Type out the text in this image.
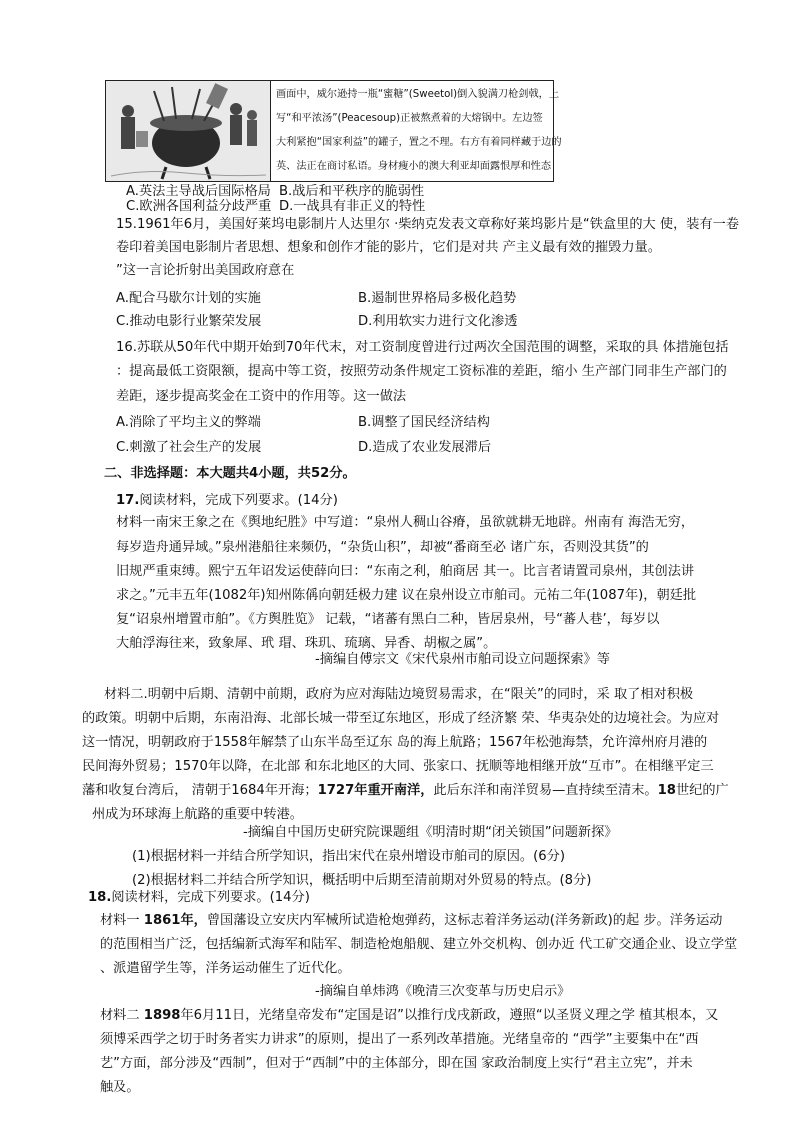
画面中，威尔逊持一瓶“蜜糖”(Sweetol)倒入貌满刀枪剑戟，上
写“和平浓汤”(Peacesoup)正被熬煮着的大熔锅中。左边签
大利紧抱“国家利益”的罐子，置之不理。右方有着同样藏于边的
英、法正在商讨私语。身材瘦小的澳大利亚却面露恨厚和性态
A.英法主导战后国际格局 B.战后和平秩序的脆弱性
C.欧洲各国利益分歧严重 D.一战具有非正义的特性
15.1961年6月，美国好莱坞电影制片人达里尔 ·柴纳克发表文章称好莱坞影片是“铁盒里的大 使，装有一卷
卷印着美国电影制片者思想、想象和创作才能的影片，它们是对共 产主义最有效的摧毁力量。
”这一言论折射出美国政府意在
A.配合马歇尔计划的实施	B.遏制世界格局多极化趋势
C.推动电影行业繁荣发展	D.利用软实力进行文化渗透
16.苏联从50年代中期开始到70年代末，对工资制度曾进行过两次全国范围的调整，采取的具 体措施包括
：提高最低工资限额，提高中等工资，按照劳动条件规定工资标准的差距，缩小 生产部门同非生产部门的
差距，逐步提高奖金在工资中的作用等。这一做法
A.消除了平均主义的弊端	B.调整了国民经济结构
C.刺激了社会生产的发展	D.造成了农业发展滞后
二、非选择题：本大题共4小题，共52分。
17.阅读材料，完成下列要求。(14分)
材料一南宋王象之在《舆地纪胜》中写道：“泉州人稠山谷瘠，虽欲就耕无地辟。州南有 海浩无穷，
每岁造舟通异域。”泉州港船往来频仍，“杂货山积”，却被“番商至必 诸广东，否则没其货”的
旧规严重束缚。熙宁五年诏发运使薛向曰：“东南之利，舶商居 其一。比言者请置司泉州，其创法讲
求之。”元丰五年(1082年)知州陈偁向朝廷极力建 议在泉州设立市舶司。元祐二年(1087年)，朝廷批
复“诏泉州增置市舶”。《方舆胜览》 记载，“诸蕃有黑白二种，皆居泉州，号“蕃人巷’，每岁以
大舶浮海往来，致象犀、玳 瑁、珠玑、琉璃、异香、胡椒之属”。
-摘编自傅宗文《宋代泉州市舶司设立问题探索》等
材料二.明朝中后期、清朝中前期，政府为应对海陆边境贸易需求，在“限关”的同时，采 取了相对积极
的政策。明朝中后期，东南沿海、北部长城一带至辽东地区，形成了经济繁 荣、华夷杂处的边境社会。为应对
这一情况，明朝政府于1558年解禁了山东半岛至辽东 岛的海上航路；1567年松弛海禁，允许漳州府月港的
民间海外贸易；1570年以降，在北部 和东北地区的大同、张家口、抚顺等地相继开放“互市”。在相继平定三
藩和收复台湾后， 清朝于1684年开海；1727年重开南洋，此后东洋和南洋贸易—直持续至清末。18世纪的广
州成为环球海上航路的重要中转港。
-摘编自中国历史研究院课题组《明清时期“闭关锁国”问题新探》
(1)根据材料一并结合所学知识，指出宋代在泉州增设市舶司的原因。(6分)
(2)根据材料二并结合所学知识，概括明中后期至清前期对外贸易的特点。(8分)
18.阅读材料，完成下列要求。(14分)
材料一 1861年，曾国藩设立安庆内军械所试造枪炮弹药，这标志着洋务运动(洋务新政)的起 步。洋务运动
的范围相当广泛，包括编新式海军和陆军、制造枪炮船舰、建立外交机构、创办近 代工矿交通企业、设立学堂
、派遣留学生等，洋务运动催生了近代化。
-摘编自单炜鸿《晚清三次变革与历史启示》
材料二 1898年6月11日，光绪皇帝发布“定国是诏”以推行戊戌新政，遵照“以圣贤义理之学 植其根本，又
须博采西学之切于时务者实力讲求”的原则，提出了一系列改革措施。光绪皇帝的 “西学”主要集中在“西
艺”方面，部分涉及“西制”，但对于“西制”中的主体部分，即在国 家政治制度上实行“君主立宪”，并未
触及。
